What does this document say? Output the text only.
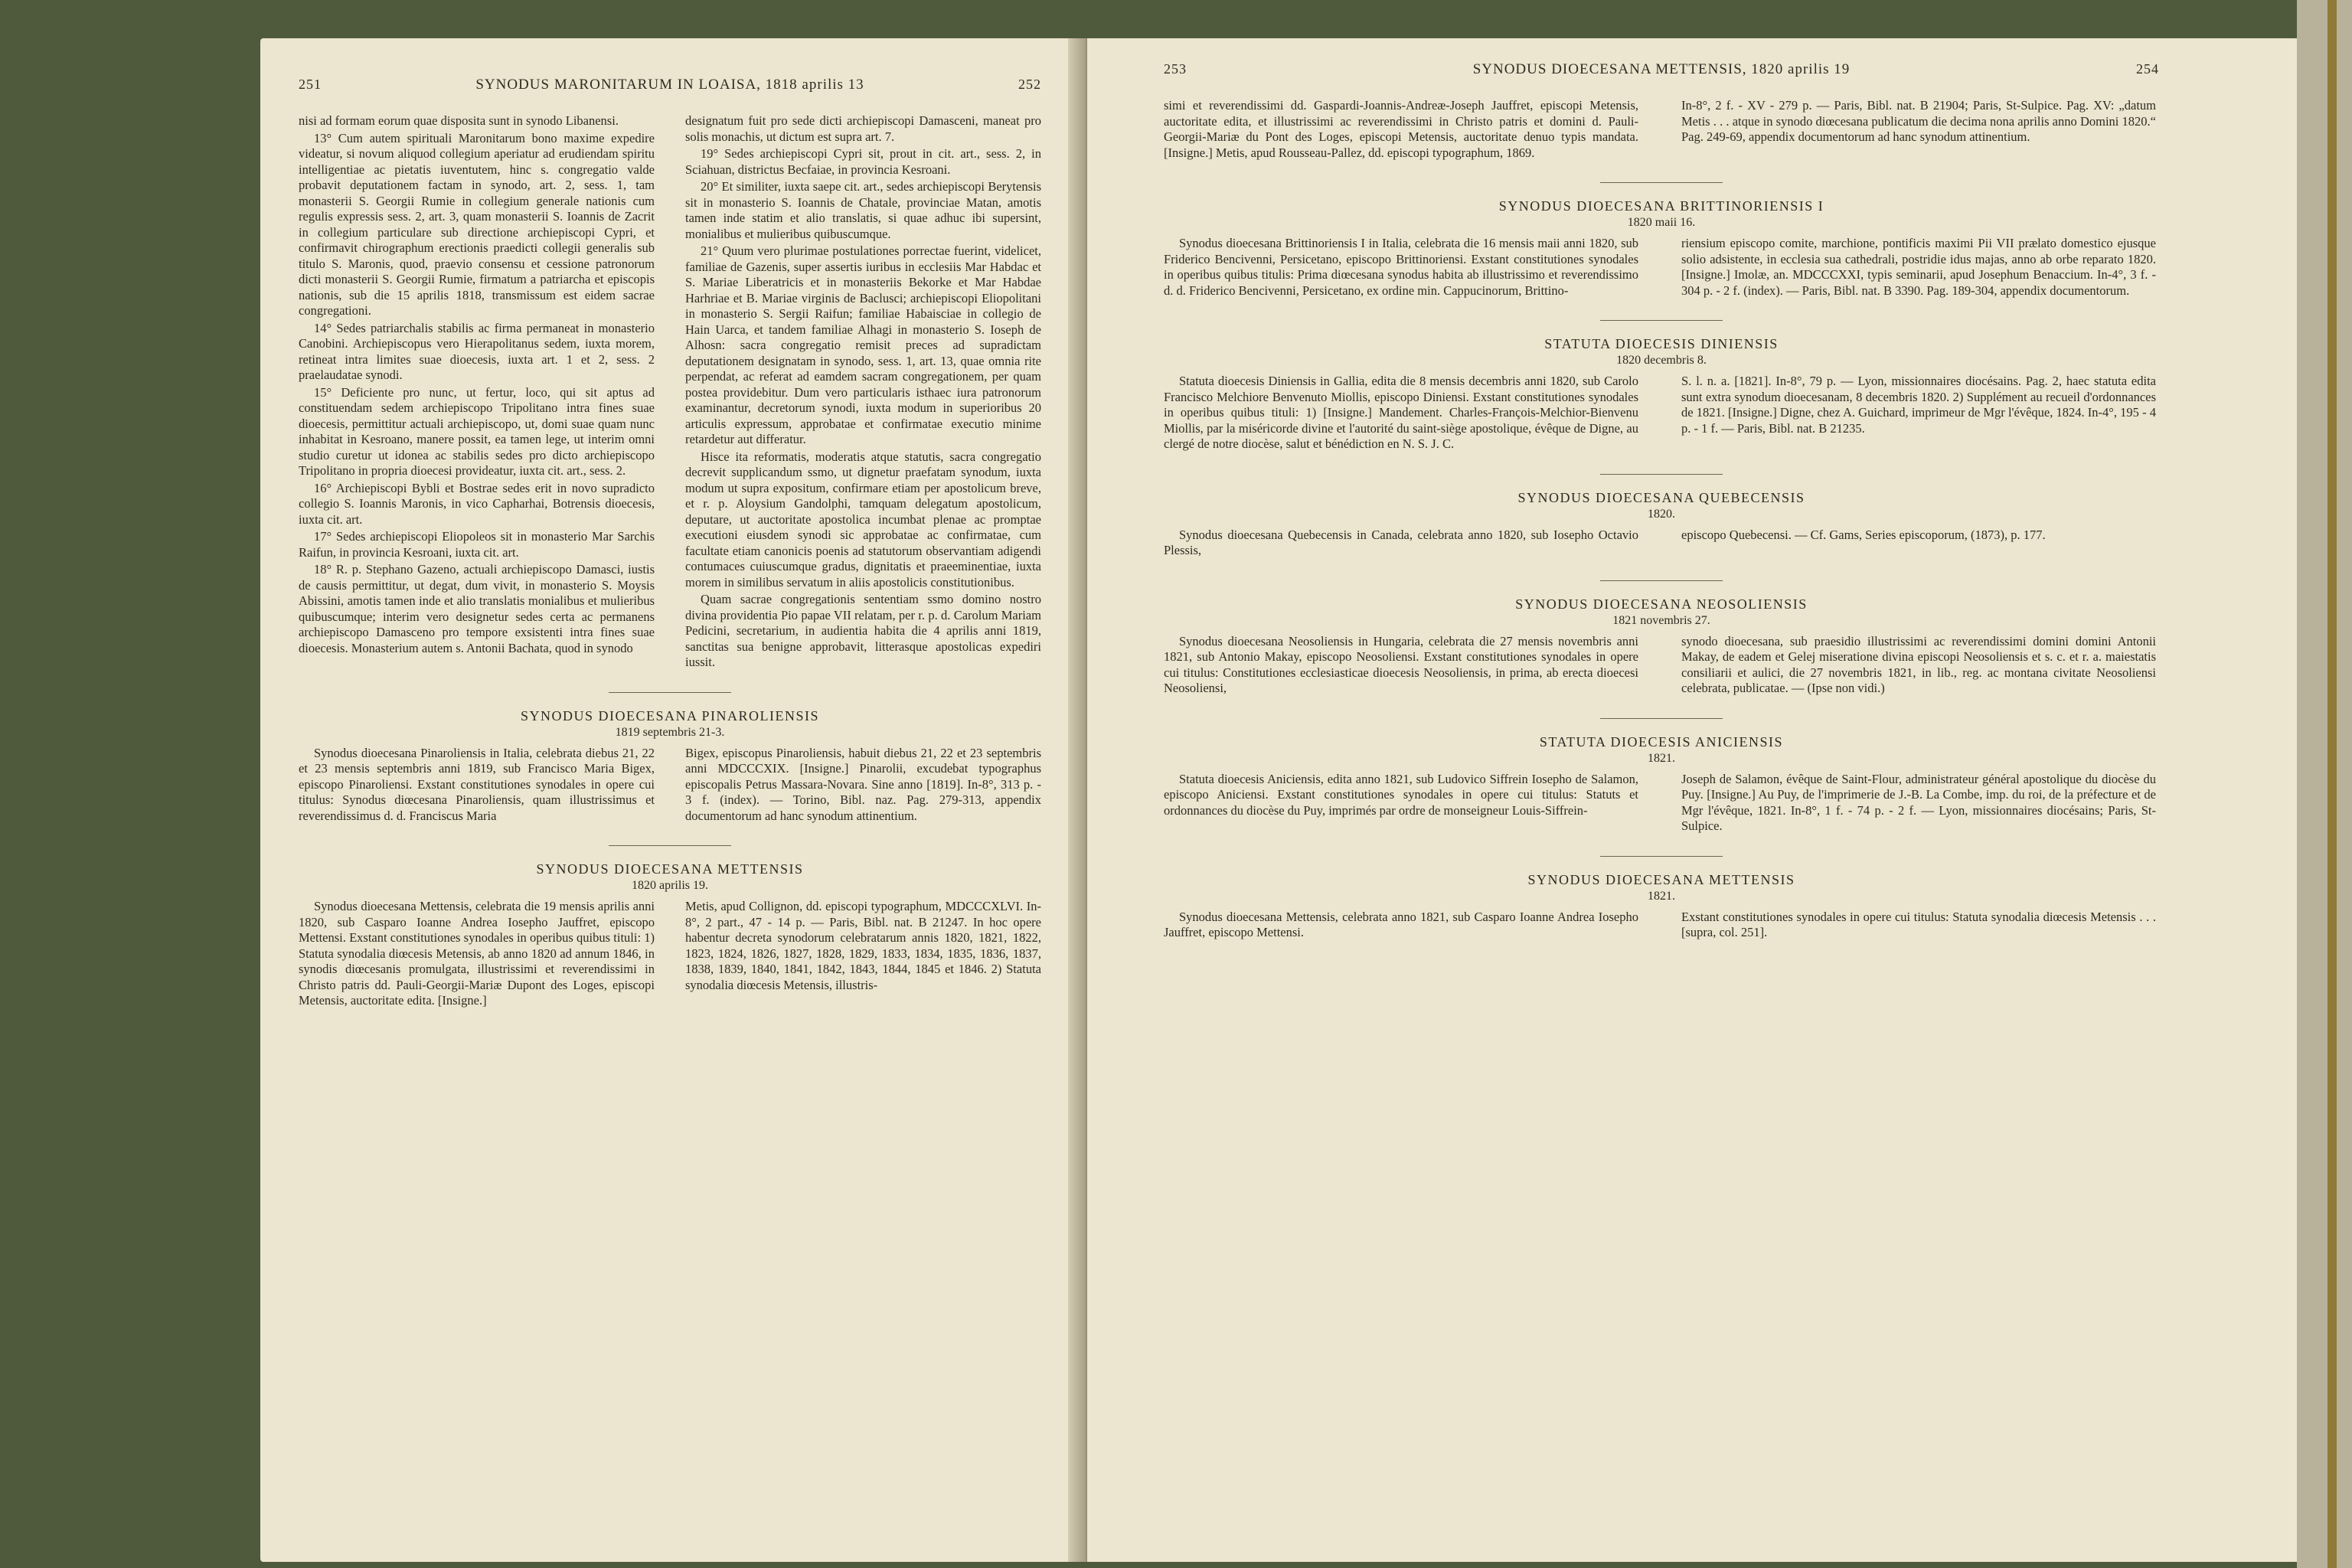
251	SYNODUS MARONITARUM IN LOAISA, 1818 aprilis 13	252

nisi ad formam eorum quae disposita sunt in synodo Libanensi.

13° Cum autem spirituali Maronitarum bono maxime expedire videatur, si novum aliquod collegium aperiatur ad erudiendam spiritu intelligentiae ac pietatis iuventutem, hinc s. congregatio valde probavit deputationem factam in synodo, art. 2, sess. 1, tam monasterii S. Georgii Rumie in collegium generale nationis cum regulis expressis sess. 2, art. 3, quam monasterii S. Ioannis de Zacrit in collegium particulare sub directione archiepiscopi Cypri, et confirmavit chirographum erectionis praedicti collegii generalis sub titulo S. Maronis, quod, praevio consensu et cessione patronorum dicti monasterii S. Georgii Rumie, firmatum a patriarcha et episcopis nationis, sub die 15 aprilis 1818, transmissum est eidem sacrae congregationi.

14° Sedes patriarchalis stabilis ac firma permaneat in monasterio Canobini. Archiepiscopus vero Hierapolitanus sedem, iuxta morem, retineat intra limites suae dioecesis, iuxta art. 1 et 2, sess. 2 praelaudatae synodi.

15° Deficiente pro nunc, ut fertur, loco, qui sit aptus ad constituendam sedem archiepiscopo Tripolitano intra fines suae dioecesis, permittitur actuali archiepiscopo, ut, domi suae quam nunc inhabitat in Kesroano, manere possit, ea tamen lege, ut interim omni studio curetur ut idonea ac stabilis sedes pro dicto archiepiscopo Tripolitano in propria dioecesi provideatur, iuxta cit. art., sess. 2.

16° Archiepiscopi Bybli et Bostrae sedes erit in novo supradicto collegio S. Ioannis Maronis, in vico Capharhai, Botrensis dioecesis, iuxta cit. art.

17° Sedes archiepiscopi Eliopoleos sit in monasterio Mar Sarchis Raifun, in provincia Kesroani, iuxta cit. art.

18° R. p. Stephano Gazeno, actuali archiepiscopo Damasci, iustis de causis permittitur, ut degat, dum vivit, in monasterio S. Moysis Abissini, amotis tamen inde et alio translatis monialibus et mulieribus quibuscumque; interim vero designetur sedes certa ac permanens archiepiscopo Damasceno pro tempore exsistenti intra fines suae dioecesis. Monasterium autem s. Antonii Bachata, quod in synodo

designatum fuit pro sede dicti archiepiscopi Damasceni, maneat pro solis monachis, ut dictum est supra art. 7.

19° Sedes archiepiscopi Cypri sit, prout in cit. art., sess. 2, in Sciahuan, districtus Becfaiae, in provincia Kesroani.

20° Et similiter, iuxta saepe cit. art., sedes archiepiscopi Berytensis sit in monasterio S. Ioannis de Chatale, provinciae Matan, amotis tamen inde statim et alio translatis, si quae adhuc ibi supersint, monialibus et mulieribus quibuscumque.

21° Quum vero plurimae postulationes porrectae fuerint, videlicet, familiae de Gazenis, super assertis iuribus in ecclesiis Mar Habdac et S. Mariae Liberatricis et in monasteriis Bekorke et Mar Habdae Harhriae et B. Mariae virginis de Baclusci; archiepiscopi Eliopolitani in monasterio S. Sergii Raifun; familiae Habaisciae in collegio de Hain Uarca, et tandem familiae Alhagi in monasterio S. Ioseph de Alhosn: sacra congregatio remisit preces ad supradictam deputationem designatam in synodo, sess. 1, art. 13, quae omnia rite perpendat, ac referat ad eamdem sacram congregationem, per quam postea providebitur. Dum vero particularis isthaec iura patronorum examinantur, decretorum synodi, iuxta modum in superioribus 20 articulis expressum, approbatae et confirmatae executio minime retardetur aut differatur.

Hisce ita reformatis, moderatis atque statutis, sacra congregatio decrevit supplicandum ssmo, ut dignetur praefatam synodum, iuxta modum ut supra expositum, confirmare etiam per apostolicum breve, et r. p. Aloysium Gandolphi, tamquam delegatum apostolicum, deputare, ut auctoritate apostolica incumbat plenae ac promptae executioni eiusdem synodi sic approbatae ac confirmatae, cum facultate etiam canonicis poenis ad statutorum observantiam adigendi contumaces cuiuscumque gradus, dignitatis et praeeminentiae, iuxta morem in similibus servatum in aliis apostolicis constitutionibus.

Quam sacrae congregationis sententiam ssmo domino nostro divina providentia Pio papae VII relatam, per r. p. d. Carolum Mariam Pedicini, secretarium, in audientia habita die 4 aprilis anni 1819, sanctitas sua benigne approbavit, litterasque apostolicas expediri iussit.

SYNODUS DIOECESANA PINAROLIENSIS

1819 septembris 21-3.

Synodus dioecesana Pinaroliensis in Italia, celebrata diebus 21, 22 et 23 mensis septembris anni 1819, sub Francisco Maria Bigex, episcopo Pinaroliensi. Exstant constitutiones synodales in opere cui titulus: Synodus diœcesana Pinaroliensis, quam illustrissimus et reverendissimus d. d. Franciscus Maria

Bigex, episcopus Pinaroliensis, habuit diebus 21, 22 et 23 septembris anni MDCCCXIX. [Insigne.] Pinarolii, excudebat typographus episcopalis Petrus Massara-Novara. Sine anno [1819]. In-8°, 313 p. - 3 f. (index). — Torino, Bibl. naz. Pag. 279-313, appendix documentorum ad hanc synodum attinentium.

SYNODUS DIOECESANA METTENSIS

1820 aprilis 19.

Synodus dioecesana Mettensis, celebrata die 19 mensis aprilis anni 1820, sub Casparo Ioanne Andrea Iosepho Jauffret, episcopo Mettensi. Exstant constitutiones synodales in operibus quibus tituli: 1) Statuta synodalia diœcesis Metensis, ab anno 1820 ad annum 1846, in synodis diœcesanis promulgata, illustrissimi et reverendissimi in Christo patris dd. Pauli-Georgii-Mariæ Dupont des Loges, episcopi Metensis, auctoritate edita. [Insigne.]

Metis, apud Collignon, dd. episcopi typographum, MDCCCXLVI. In-8°, 2 part., 47 - 14 p. — Paris, Bibl. nat. B 21247. In hoc opere habentur decreta synodorum celebratarum annis 1820, 1821, 1822, 1823, 1824, 1826, 1827, 1828, 1829, 1833, 1834, 1835, 1836, 1837, 1838, 1839, 1840, 1841, 1842, 1843, 1844, 1845 et 1846. 2) Statuta synodalia diœcesis Metensis, illustris-

253	SYNODUS DIOECESANA METTENSIS, 1820 aprilis 19	254

simi et reverendissimi dd. Gaspardi-Joannis-Andreæ-Joseph Jauffret, episcopi Metensis, auctoritate edita, et illustrissimi ac reverendissimi in Christo patris et domini d. Pauli-Georgii-Mariæ du Pont des Loges, episcopi Metensis, auctoritate denuo typis mandata. [Insigne.] Metis, apud Rousseau-Pallez, dd. episcopi typographum, 1869.

In-8°, 2 f. - XV - 279 p. — Paris, Bibl. nat. B 21904; Paris, St-Sulpice. Pag. XV: „datum Metis . . . atque in synodo diœcesana publicatum die decima nona aprilis anno Domini 1820.“ Pag. 249-69, appendix documentorum ad hanc synodum attinentium.

SYNODUS DIOECESANA BRITTINORIENSIS I

1820 maii 16.

Synodus dioecesana Brittinoriensis I in Italia, celebrata die 16 mensis maii anni 1820, sub Friderico Bencivenni, Persicetano, episcopo Brittinoriensi. Exstant constitutiones synodales in operibus quibus titulis: Prima diœcesana synodus habita ab illustrissimo et reverendissimo d. d. Friderico Bencivenni, Persicetano, ex ordine min. Cappucinorum, Brittino-

riensium episcopo comite, marchione, pontificis maximi Pii VII prælato domestico ejusque solio adsistente, in ecclesia sua cathedrali, postridie idus majas, anno ab orbe reparato 1820. [Insigne.] Imolæ, an. MDCCCXXI, typis seminarii, apud Josephum Benaccium. In-4°, 3 f. - 304 p. - 2 f. (index). — Paris, Bibl. nat. B 3390. Pag. 189-304, appendix documentorum.

STATUTA DIOECESIS DINIENSIS

1820 decembris 8.

Statuta dioecesis Diniensis in Gallia, edita die 8 mensis decembris anni 1820, sub Carolo Francisco Melchiore Benvenuto Miollis, episcopo Diniensi. Exstant constitutiones synodales in operibus quibus tituli: 1) [Insigne.] Mandement. Charles-François-Melchior-Bienvenu Miollis, par la miséricorde divine et l'autorité du saint-siège apostolique, évêque de Digne, au clergé de notre diocèse, salut et bénédiction en N. S. J. C.

S. l. n. a. [1821]. In-8°, 79 p. — Lyon, missionnaires diocésains. Pag. 2, haec statuta edita sunt extra synodum dioecesanam, 8 decembris 1820. 2) Supplément au recueil d'ordonnances de 1821. [Insigne.] Digne, chez A. Guichard, imprimeur de Mgr l'évêque, 1824. In-4°, 195 - 4 p. - 1 f. — Paris, Bibl. nat. B 21235.

SYNODUS DIOECESANA QUEBECENSIS

1820.

Synodus dioecesana Quebecensis in Canada, celebrata anno 1820, sub Iosepho Octavio Plessis,

episcopo Quebecensi. — Cf. Gams, Series episcoporum, (1873), p. 177.

SYNODUS DIOECESANA NEOSOLIENSIS

1821 novembris 27.

Synodus dioecesana Neosoliensis in Hungaria, celebrata die 27 mensis novembris anni 1821, sub Antonio Makay, episcopo Neosoliensi. Exstant constitutiones synodales in opere cui titulus: Constitutiones ecclesiasticae dioecesis Neosoliensis, in prima, ab erecta dioecesi Neosoliensi,

synodo dioecesana, sub praesidio illustrissimi ac reverendissimi domini domini Antonii Makay, de eadem et Gelej miseratione divina episcopi Neosoliensis et s. c. et r. a. maiestatis consiliarii et aulici, die 27 novembris 1821, in lib., reg. ac montana civitate Neosoliensi celebrata, publicatae. — (Ipse non vidi.)

STATUTA DIOECESIS ANICIENSIS

1821.

Statuta dioecesis Aniciensis, edita anno 1821, sub Ludovico Siffrein Iosepho de Salamon, episcopo Aniciensi. Exstant constitutiones synodales in opere cui titulus: Statuts et ordonnances du diocèse du Puy, imprimés par ordre de monseigneur Louis-Siffrein-

Joseph de Salamon, évêque de Saint-Flour, administrateur général apostolique du diocèse du Puy. [Insigne.] Au Puy, de l'imprimerie de J.-B. La Combe, imp. du roi, de la préfecture et de Mgr l'évêque, 1821. In-8°, 1 f. - 74 p. - 2 f. — Lyon, missionnaires diocésains; Paris, St-Sulpice.

SYNODUS DIOECESANA METTENSIS

1821.

Synodus dioecesana Mettensis, celebrata anno 1821, sub Casparo Ioanne Andrea Iosepho Jauffret, episcopo Mettensi.

Exstant constitutiones synodales in opere cui titulus: Statuta synodalia diœcesis Metensis . . . [supra, col. 251].
